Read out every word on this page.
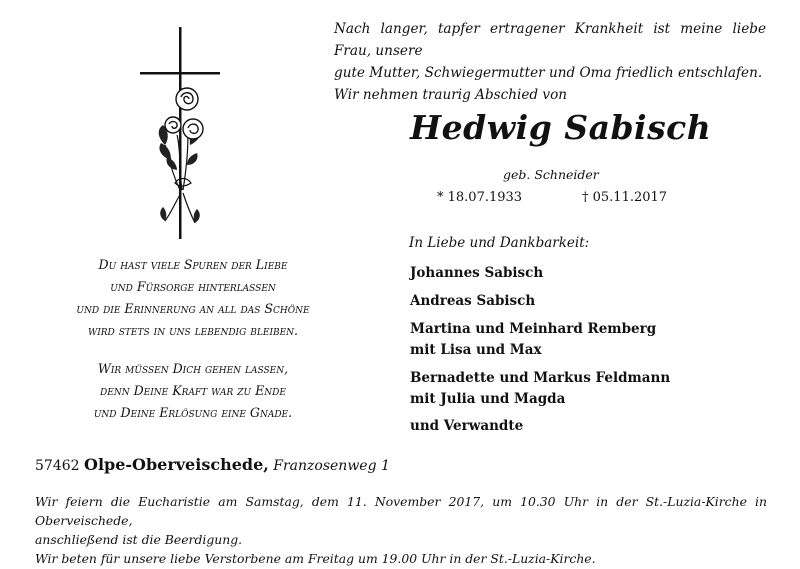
Nach langer, tapfer ertragener Krankheit ist meine liebe Frau, unsere
gute Mutter, Schwiegermutter und Oma friedlich entschlafen.
Wir nehmen traurig Abschied von
Hedwig Sabisch
geb. Schneider
* 18.07.1933	† 05.11.2017
Du hast viele Spuren der Liebe
und Fürsorge hinterlassen
und die Erinnerung an all das Schöne
wird stets in uns lebendig bleiben.
Wir müssen Dich gehen lassen,
denn Deine Kraft war zu Ende
und Deine Erlösung eine Gnade.
In Liebe und Dankbarkeit:
Johannes Sabisch
Andreas Sabisch
Martina und Meinhard Remberg
mit Lisa und Max
Bernadette und Markus Feldmann
mit Julia und Magda
und Verwandte
57462 Olpe-Oberveischede, Franzosenweg 1
Wir feiern die Eucharistie am Samstag, dem 11. November 2017, um 10.30 Uhr in der St.-Luzia-Kirche in Oberveischede,
anschließend ist die Beerdigung.
Wir beten für unsere liebe Verstorbene am Freitag um 19.00 Uhr in der St.-Luzia-Kirche.
